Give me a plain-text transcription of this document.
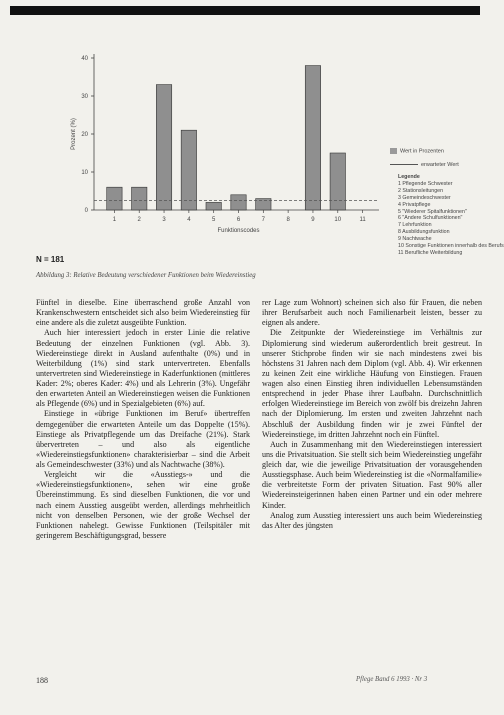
0
10
20
30
40
Prozent (%)
1	2	3	4	5	6	7	8	9	10	11
Funktionscodes
Wert in Prozenten
erwarteter Wert
Legende
1 Pflegende Schwester
2 Stationsleitungen
3 Gemeindeschwester
4 Privatpflege
5 "Wiederer Spitalfunktionen"
6 "Andere Schulfunktionen"
7 Lehrfunktion
8 Ausbildungsfunktion
9 Nachtwache
10 Sonstige Funktionen innerhalb des Berufs
11 Berufliche Weiterbildung
N = 181
Abbildung 3: Relative Bedeutung verschiedener Funktionen beim Wiedereinstieg

Fünftel in dieselbe. Eine überraschend große Anzahl von Krankenschwestern entscheidet sich also beim Wiedereinstieg für eine andere als die zuletzt ausgeübte Funktion.

Auch hier interessiert jedoch in erster Linie die relative Bedeutung der einzelnen Funktionen (vgl. Abb. 3). Wiedereinstiege direkt in Ausland aufenthalte (0%) und in Weiterbildung (1%) sind stark untervertreten. Ebenfalls untervertreten sind Wiedereinstiege in Kaderfunktionen (mittleres Kader: 2%; oberes Kader: 4%) und als Lehrerin (3%). Ungefähr den erwarteten Anteil an Wiedereinstiegen weisen die Funktionen als Pflegende (6%) und in Spezialgebieten (6%) auf.

Einstiege in «übrige Funktionen im Beruf» übertreffen demgegenüber die erwarteten Anteile um das Doppelte (15%). Einstiege als Privatpflegende um das Dreifache (21%). Stark übervertreten – und also als eigentliche «Wiedereinstiegsfunktionen» charakterisierbar – sind die Arbeit als Gemeindeschwester (33%) und als Nachtwache (38%).

Vergleicht wir die «Ausstiegs-» und die «Wiedereinstiegsfunktionen», sehen wir eine große Übereinstimmung. Es sind dieselben Funktionen, die vor und nach einem Ausstieg ausgeübt werden, allerdings mehrheitlich nicht von denselben Personen, wie der große Wechsel der Funktionen nahelegt. Gewisse Funktionen (Teilspitäler mit geringerem Beschäftigungsgrad, bessere

rer Lage zum Wohnort) scheinen sich also für Frauen, die neben ihrer Berufsarbeit auch noch Familienarbeit leisten, besser zu eignen als andere.

Die Zeitpunkte der Wiedereinstiege im Verhältnis zur Diplomierung sind wiederum außerordentlich breit gestreut. In unserer Stichprobe finden wir sie nach mindestens zwei bis höchstens 31 Jahren nach dem Diplom (vgl. Abb. 4). Wir erkennen zu keinen Zeit eine wirkliche Häufung von Einstiegen. Frauen wagen also einen Einstieg ihren individuellen Lebensumständen entsprechend in jeder Phase ihrer Laufbahn. Durchschnittlich erfolgen Wiedereinstiege im Bereich von zwölf bis dreizehn Jahren nach der Diplomierung. Im ersten und zweiten Jahrzehnt nach Abschluß der Ausbildung finden wir je zwei Fünftel der Wiedereinstiege, im dritten Jahrzehnt noch ein Fünftel.

Auch in Zusammenhang mit den Wiedereinstiegen interessiert uns die Privatsituation. Sie stellt sich beim Wiedereinstieg ungefähr gleich dar, wie die jeweilige Privatsituation der vorausgehenden Ausstiegsphase. Auch beim Wiedereinstieg ist die «Normalfamilie» die verbreitetste Form der privaten Situation. Fast 90% aller Wiedereinsteigerinnen haben einen Partner und ein oder mehrere Kinder.

Analog zum Ausstieg interessiert uns auch beim Wiedereinstieg das Alter des jüngsten

188	Pflege Band 6 1993 · Nr 3
